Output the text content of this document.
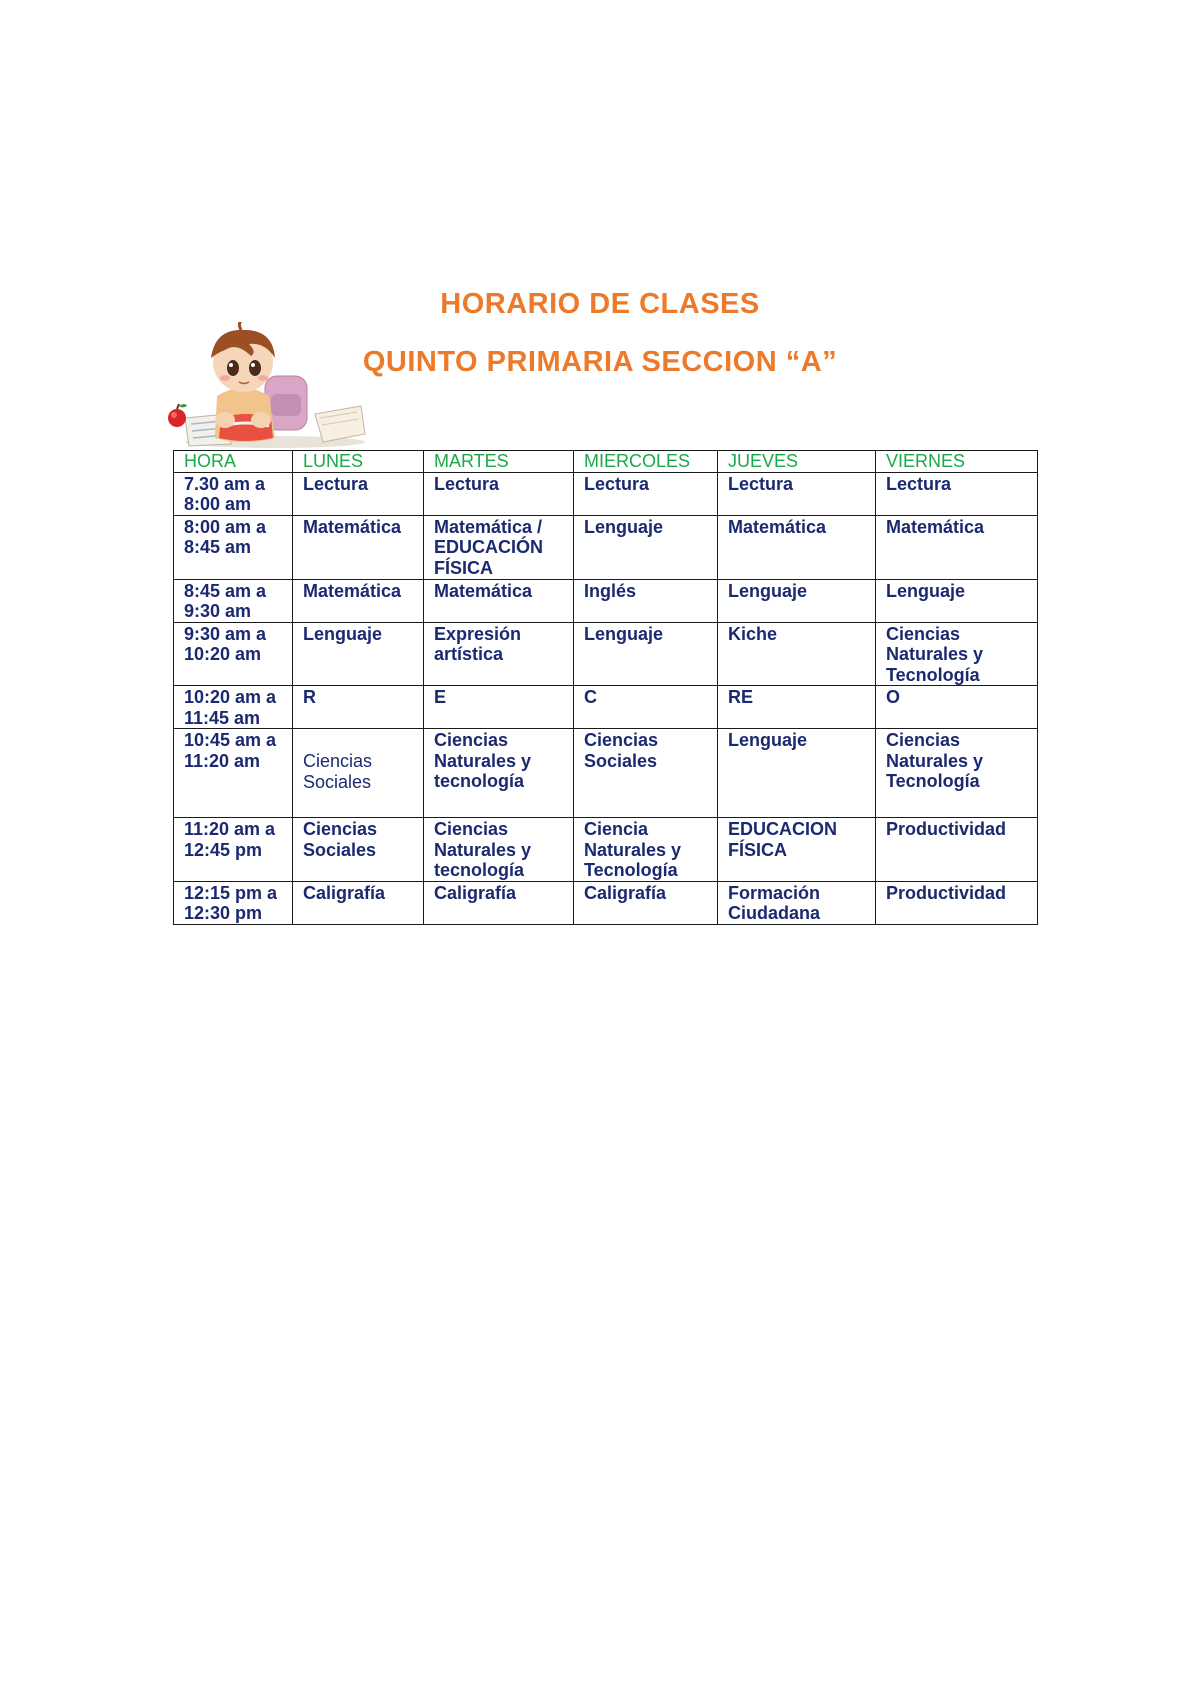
HORARIO DE CLASES
QUINTO PRIMARIA SECCION “A”
HORA	LUNES	MARTES	MIERCOLES	JUEVES	VIERNES
7.30 am a 8:00 am	Lectura	Lectura	Lectura	Lectura	Lectura
8:00 am a 8:45 am	Matemática	Matemática / EDUCACIÓN FÍSICA	Lenguaje	Matemática	Matemática
8:45 am a 9:30 am	Matemática	Matemática	Inglés	Lenguaje	Lenguaje
9:30 am a 10:20 am	Lenguaje	Expresión artística	Lenguaje	Kiche	Ciencias Naturales y Tecnología
10:20 am a 11:45 am	R	E	C	RE	O
10:45 am a 11:20 am	Ciencias Sociales	Ciencias Naturales y tecnología	Ciencias Sociales	Lenguaje	Ciencias Naturales y Tecnología
11:20 am a 12:45 pm	Ciencias Sociales	Ciencias Naturales y tecnología	Ciencia Naturales y Tecnología	EDUCACION FÍSICA	Productividad
12:15 pm a 12:30 pm	Caligrafía	Caligrafía	Caligrafía	Formación Ciudadana	Productividad
